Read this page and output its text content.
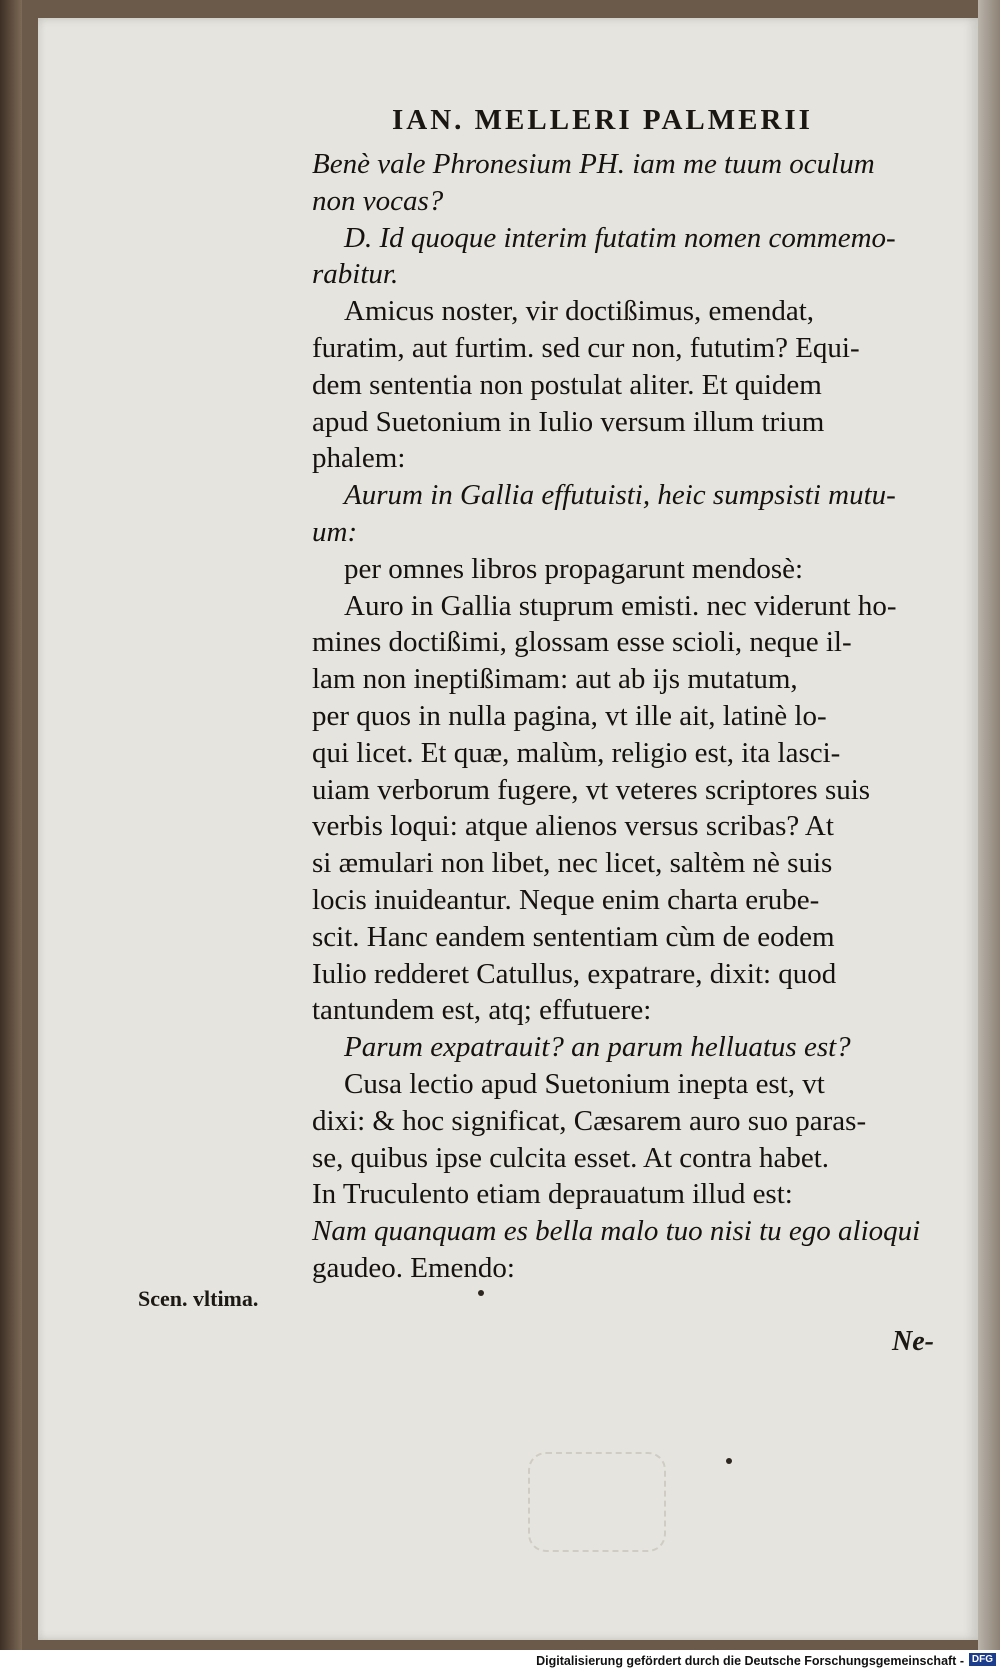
IAN. MELLERI PALMERII
Benè vale Phronesium PH. iam me tuum oculum
non vocas?
D. Id quoque interim futatim nomen commemo-
rabitur.
Amicus noster, vir doctißimus, emendat,
furatim, aut furtim. sed cur non, fututim? Equi-
dem sententia non postulat aliter. Et quidem
apud Suetonium in Iulio versum illum trium
phalem:
Aurum in Gallia effutuisti, heic sumpsisti mutu-
um:
per omnes libros propagarunt mendosè:
Auro in Gallia stuprum emisti. nec viderunt ho-
mines doctißimi, glossam esse scioli, neque il-
lam non ineptißimam: aut ab ijs mutatum,
per quos in nulla pagina, vt ille ait, latinè lo-
qui licet. Et quæ, malùm, religio est, ita lasci-
uiam verborum fugere, vt veteres scriptores suis
verbis loqui: atque alienos versus scribas? At
si æmulari non libet, nec licet, saltèm nè suis
locis inuideantur. Neque enim charta erube-
scit. Hanc eandem sententiam cùm de eodem
Iulio redderet Catullus, expatrare, dixit: quod
tantundem est, atq; effutuere:
Parum expatrauit? an parum helluatus est?
Cusa lectio apud Suetonium inepta est, vt
dixi: & hoc significat, Cæsarem auro suo paras-
se, quibus ipse culcita esset. At contra habet.
In Truculento etiam deprauatum illud est:
Nam quanquam es bella malo tuo nisi tu ego alioqui
gaudeo. Emendo:
Scen. vltima.
Ne-
Digitalisierung gefördert durch die Deutsche Forschungsgemeinschaft - DFG
